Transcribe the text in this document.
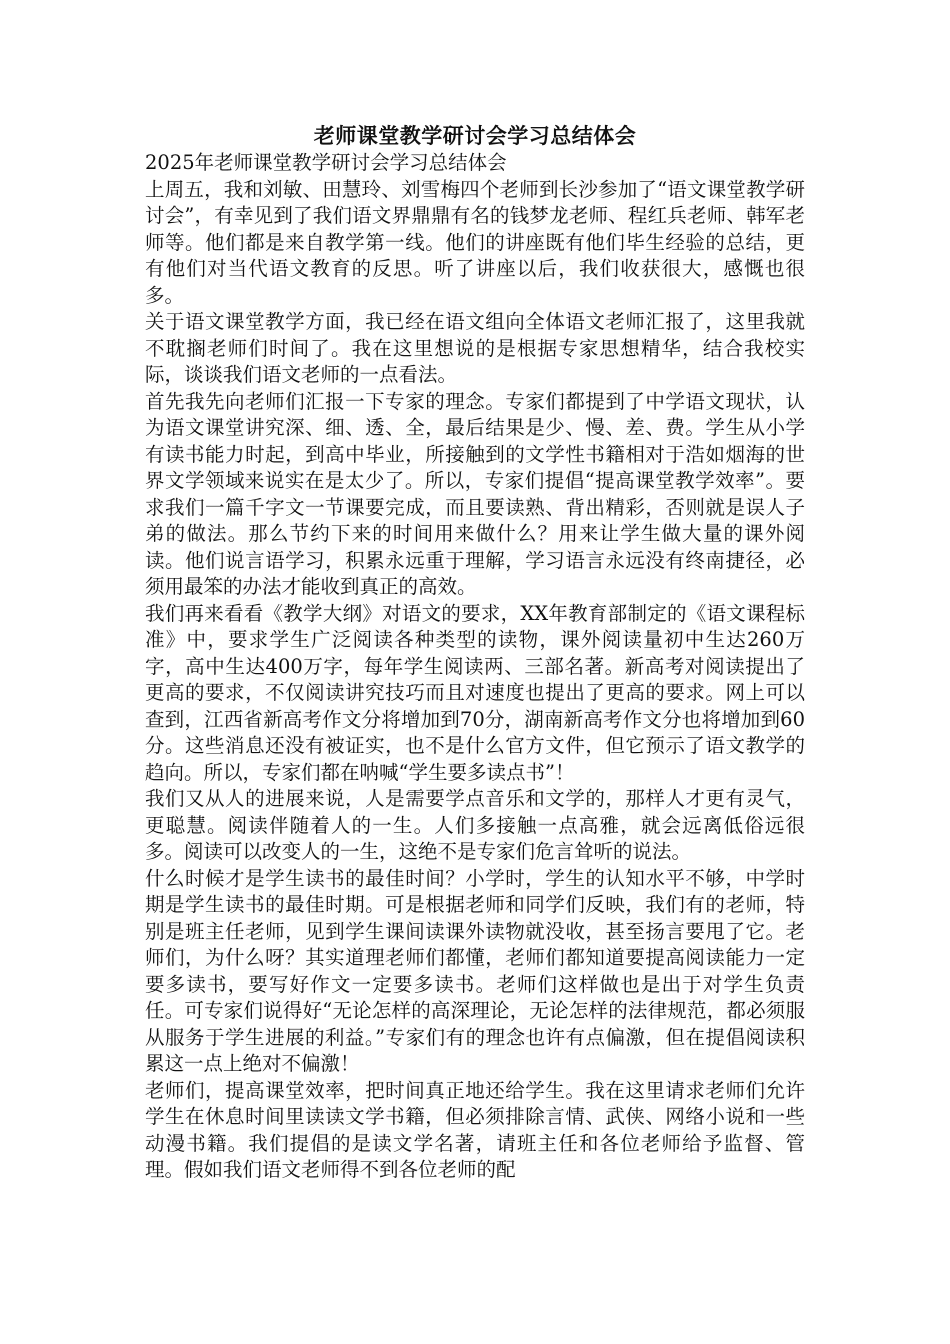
老师课堂教学研讨会学习总结体会

2025年老师课堂教学研讨会学习总结体会

上周五，我和刘敏、田慧玲、刘雪梅四个老师到长沙参加了“语文课堂教学研讨会”，有幸见到了我们语文界鼎鼎有名的钱梦龙老师、程红兵老师、韩军老师等。他们都是来自教学第一线。他们的讲座既有他们毕生经验的总结，更有他们对当代语文教育的反思。听了讲座以后，我们收获很大，感慨也很多。

关于语文课堂教学方面，我已经在语文组向全体语文老师汇报了，这里我就不耽搁老师们时间了。我在这里想说的是根据专家思想精华，结合我校实际，谈谈我们语文老师的一点看法。

首先我先向老师们汇报一下专家的理念。专家们都提到了中学语文现状，认为语文课堂讲究深、细、透、全，最后结果是少、慢、差、费。学生从小学有读书能力时起，到高中毕业，所接触到的文学性书籍相对于浩如烟海的世界文学领域来说实在是太少了。所以，专家们提倡“提高课堂教学效率”。要求我们一篇千字文一节课要完成，而且要读熟、背出精彩，否则就是误人子弟的做法。那么节约下来的时间用来做什么？用来让学生做大量的课外阅读。他们说言语学习，积累永远重于理解，学习语言永远没有终南捷径，必须用最笨的办法才能收到真正的高效。

我们再来看看《教学大纲》对语文的要求，XX年教育部制定的《语文课程标准》中，要求学生广泛阅读各种类型的读物，课外阅读量初中生达260万字，高中生达400万字，每年学生阅读两、三部名著。新高考对阅读提出了更高的要求，不仅阅读讲究技巧而且对速度也提出了更高的要求。网上可以查到，江西省新高考作文分将增加到70分，湖南新高考作文分也将增加到60分。这些消息还没有被证实，也不是什么官方文件，但它预示了语文教学的趋向。所以，专家们都在呐喊“学生要多读点书”！

我们又从人的进展来说，人是需要学点音乐和文学的，那样人才更有灵气，更聪慧。阅读伴随着人的一生。人们多接触一点高雅，就会远离低俗远很多。阅读可以改变人的一生，这绝不是专家们危言耸听的说法。

什么时候才是学生读书的最佳时间？小学时，学生的认知水平不够，中学时期是学生读书的最佳时期。可是根据老师和同学们反映，我们有的老师，特别是班主任老师，见到学生课间读课外读物就没收，甚至扬言要甩了它。老师们，为什么呀？其实道理老师们都懂，老师们都知道要提高阅读能力一定要多读书，要写好作文一定要多读书。老师们这样做也是出于对学生负责任。可专家们说得好“无论怎样的高深理论，无论怎样的法律规范，都必须服从服务于学生进展的利益。”专家们有的理念也许有点偏激，但在提倡阅读积累这一点上绝对不偏激！

老师们，提高课堂效率，把时间真正地还给学生。我在这里请求老师们允许学生在休息时间里读读文学书籍，但必须排除言情、武侠、网络小说和一些动漫书籍。我们提倡的是读文学名著，请班主任和各位老师给予监督、管理。假如我们语文老师得不到各位老师的配
